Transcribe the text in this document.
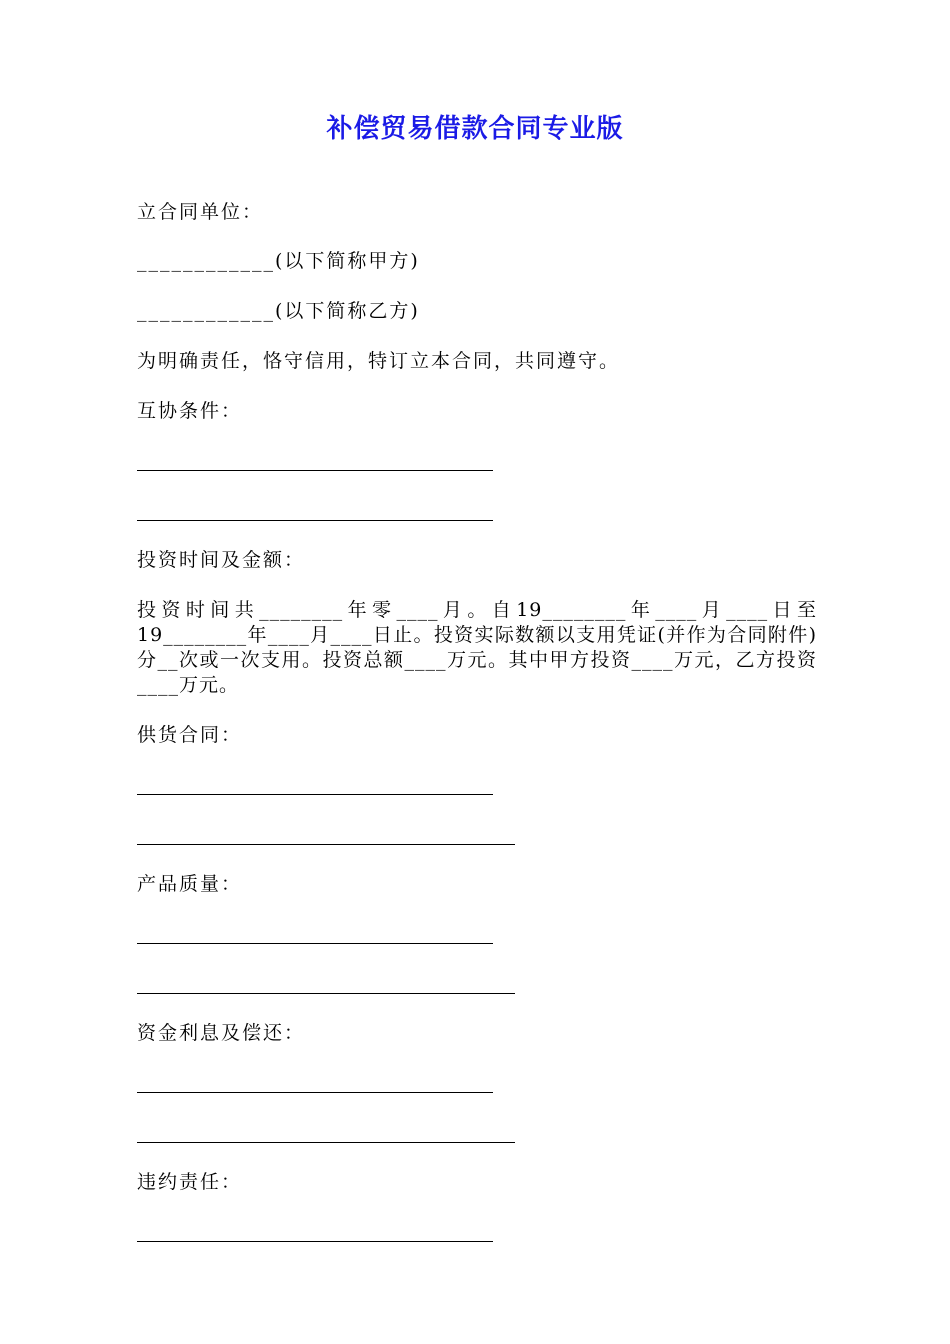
补偿贸易借款合同专业版
立合同单位：
____________(以下简称甲方)
____________(以下简称乙方)
为明确责任，恪守信用，特订立本合同，共同遵守。
互协条件：
投资时间及金额：
投资时间共________年零____月。自19________年____月____日至19________年____月____日止。投资实际数额以支用凭证(并作为合同附件)分__次或一次支用。投资总额____万元。其中甲方投资____万元，乙方投资____万元。
供货合同：
产品质量：
资金利息及偿还：
违约责任：
